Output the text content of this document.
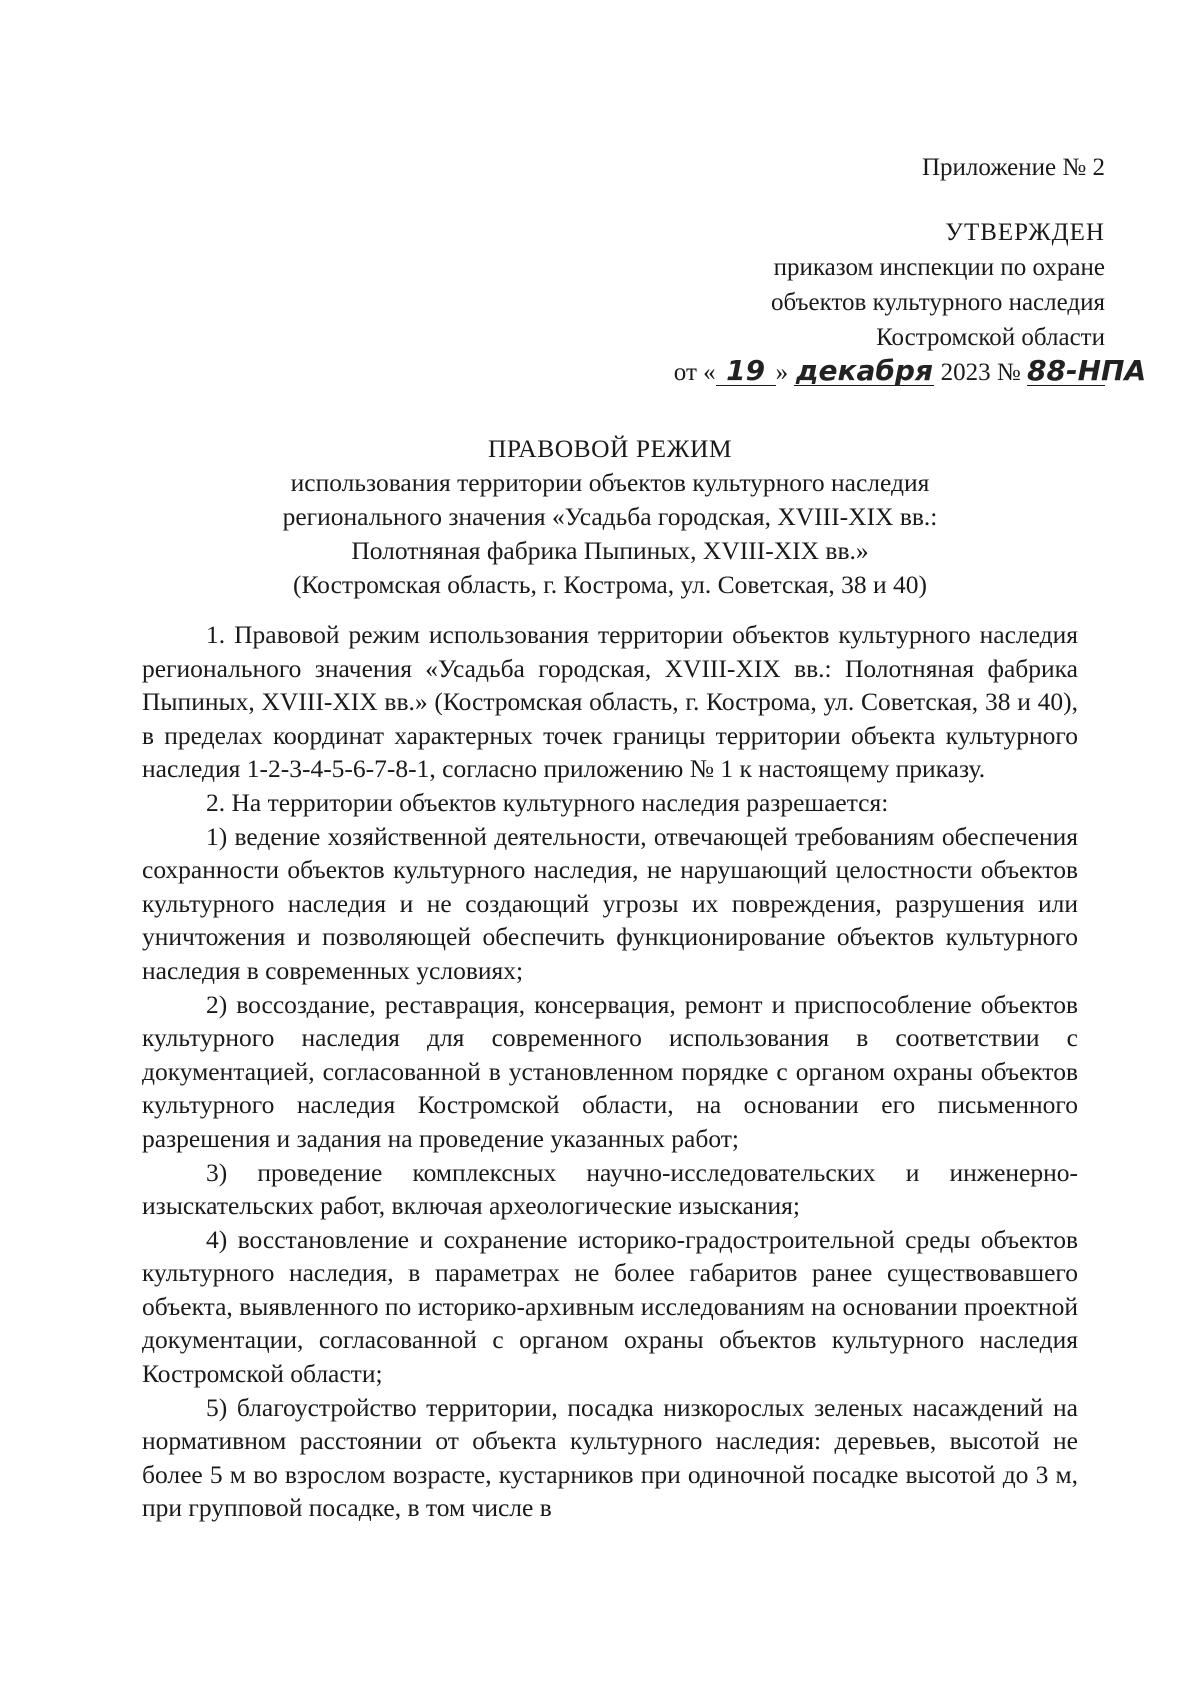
Приложение № 2
УТВЕРЖДЕН
приказом инспекции по охране
объектов культурного наследия
Костромской области
от « 19 » декабря 2023 № 88-НПА
ПРАВОВОЙ РЕЖИМ
использования территории объектов культурного наследия
регионального значения «Усадьба городская, XVIII-XIX вв.:
Полотняная фабрика Пыпиных, XVIII-XIX вв.»
(Костромская область, г. Кострома, ул. Советская, 38 и 40)

1. Правовой режим использования территории объектов культурного наследия регионального значения «Усадьба городская, XVIII-XIX вв.: Полотняная фабрика Пыпиных, XVIII-XIX вв.» (Костромская область, г. Кострома, ул. Советская, 38 и 40), в пределах координат характерных точек границы территории объекта культурного наследия 1-2-3-4-5-6-7-8-1, согласно приложению № 1 к настоящему приказу.

2. На территории объектов культурного наследия разрешается:

1) ведение хозяйственной деятельности, отвечающей требованиям обеспечения сохранности объектов культурного наследия, не нарушающий целостности объектов культурного наследия и не создающий угрозы их повреждения, разрушения или уничтожения и позволяющей обеспечить функционирование объектов культурного наследия в современных условиях;

2) воссоздание, реставрация, консервация, ремонт и приспособление объектов культурного наследия для современного использования в соответствии с документацией, согласованной в установленном порядке с органом охраны объектов культурного наследия Костромской области, на основании его письменного разрешения и задания на проведение указанных работ;

3) проведение комплексных научно-исследовательских и инженерно-изыскательских работ, включая археологические изыскания;

4) восстановление и сохранение историко-градостроительной среды объектов культурного наследия, в параметрах не более габаритов ранее существовавшего объекта, выявленного по историко-архивным исследованиям на основании проектной документации, согласованной с органом охраны объектов культурного наследия Костромской области;

5) благоустройство территории, посадка низкорослых зеленых насаждений на нормативном расстоянии от объекта культурного наследия: деревьев, высотой не более 5 м во взрослом возрасте, кустарников при одиночной посадке высотой до 3 м, при групповой посадке, в том числе в
